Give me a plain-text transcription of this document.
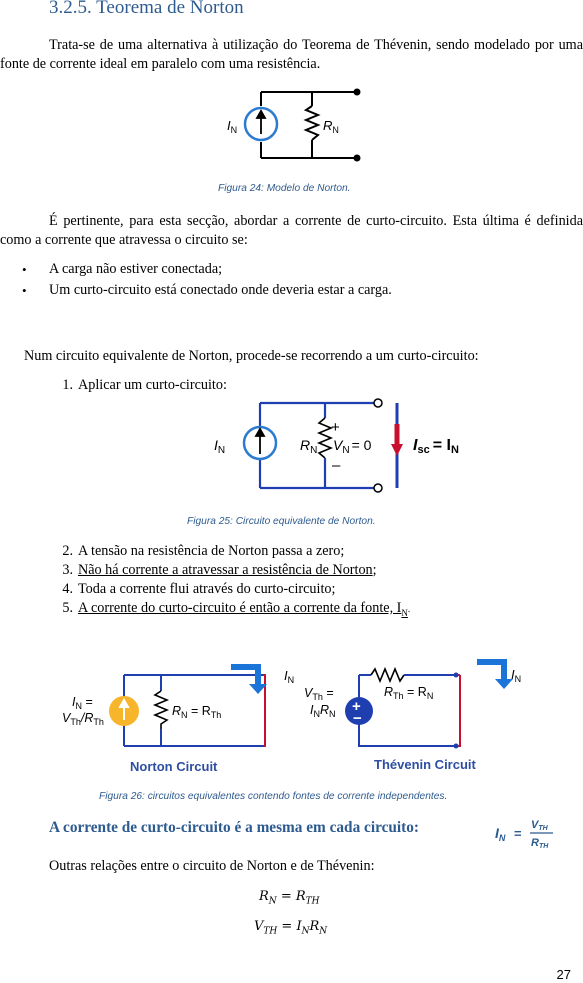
3.2.5. Teorema de Norton

Trata-se de uma alternativa à utilização do Teorema de Thévenin, sendo modelado por uma fonte de corrente ideal em paralelo com uma resistência.

$I_N$	$R_N$
Figura 24: Modelo de Norton.

É pertinente, para esta secção, abordar a corrente de curto-circuito. Esta última é definida como a corrente que atravessa o circuito se:

• A carga não estiver conectada;
• Um curto-circuito está conectado onde deveria estar a carga.
Num circuito equivalente de Norton, procede-se recorrendo a um curto-circuito:
1. Aplicar um curto-circuito:
$I_N$	$R_N$
+
–
$V_N = 0$	Isc = IN
Figura 25: Circuito equivalente de Norton.
2. A tensão na resistência de Norton passa a zero;
3. Não há corrente a atravessar a resistência de Norton;
4. Toda a corrente flui através do curto-circuito;
5. A corrente do curto-circuito é então a corrente da fonte, $I_N$.
$I_N$
$I_N$ =
$V_{Th}/R_{Th}$
$R_N = R_{Th}$
Norton Circuit
+
−
$I_N$
$V_{Th}$ =
$I_NR_N$
$R_{Th} = R_N$
Thévenin Circuit
Figura 26: circuitos equivalentes contendo fontes de corrente independentes.
A corrente de curto-circuito é a mesma em cada circuito:	$I_N$ =
VTH
RTH
Outras relações entre o circuito de Norton e de Thévenin:
$R_N = R_{TH}$
$V_{TH} = I_NR_N$
27
